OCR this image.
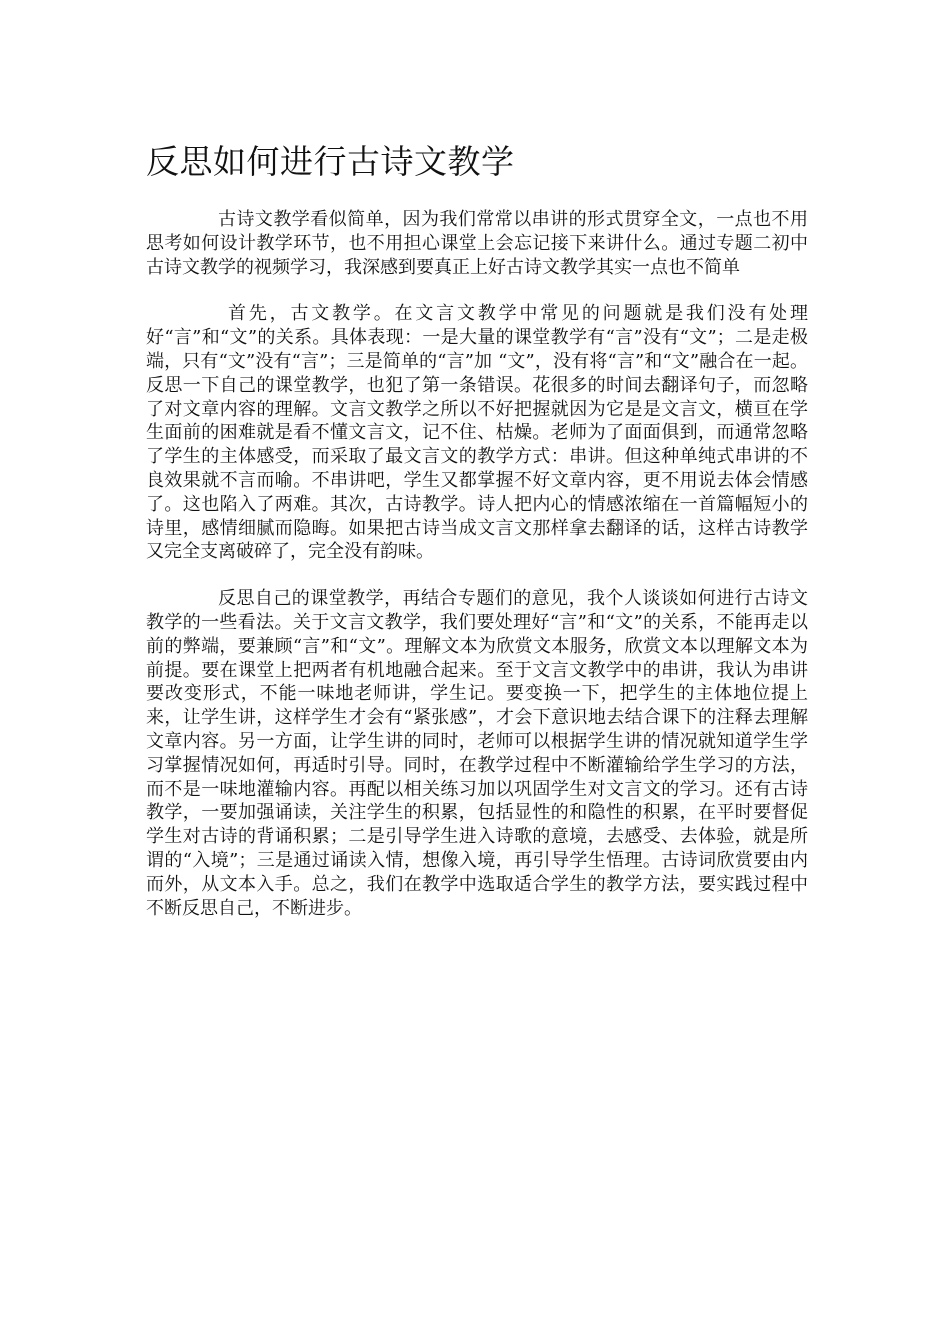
反思如何进行古诗文教学

古诗文教学看似简单，因为我们常常以串讲的形式贯穿全文，一点也不用思考如何设计教学环节，也不用担心课堂上会忘记接下来讲什么。通过专题二初中古诗文教学的视频学习，我深感到要真正上好古诗文教学其实一点也不简单

首先，古文教学。在文言文教学中常见的问题就是我们没有处理好“言”和“文”的关系。具体表现：一是大量的课堂教学有“言”没有“文”；二是走极端，只有“文”没有“言”；三是简单的“言”加 “文”，没有将“言”和“文”融合在一起。反思一下自己的课堂教学，也犯了第一条错误。花很多的时间去翻译句子，而忽略了对文章内容的理解。文言文教学之所以不好把握就因为它是是文言文，横亘在学生面前的困难就是看不懂文言文，记不住、枯燥。老师为了面面俱到，而通常忽略了学生的主体感受，而采取了最文言文的教学方式：串讲。但这种单纯式串讲的不良效果就不言而喻。不串讲吧，学生又都掌握不好文章内容，更不用说去体会情感了。这也陷入了两难。其次，古诗教学。诗人把内心的情感浓缩在一首篇幅短小的诗里，感情细腻而隐晦。如果把古诗当成文言文那样拿去翻译的话，这样古诗教学又完全支离破碎了，完全没有韵味。

反思自己的课堂教学，再结合专题们的意见，我个人谈谈如何进行古诗文教学的一些看法。关于文言文教学，我们要处理好“言”和“文”的关系，不能再走以前的弊端，要兼顾“言”和“文”。理解文本为欣赏文本服务，欣赏文本以理解文本为前提。要在课堂上把两者有机地融合起来。至于文言文教学中的串讲，我认为串讲要改变形式，不能一味地老师讲，学生记。要变换一下，把学生的主体地位提上来，让学生讲，这样学生才会有“紧张感”，才会下意识地去结合课下的注释去理解文章内容。另一方面，让学生讲的同时，老师可以根据学生讲的情况就知道学生学习掌握情况如何，再适时引导。同时，在教学过程中不断灌输给学生学习的方法，而不是一味地灌输内容。再配以相关练习加以巩固学生对文言文的学习。还有古诗教学，一要加强诵读，关注学生的积累，包括显性的和隐性的积累，在平时要督促学生对古诗的背诵积累；二是引导学生进入诗歌的意境，去感受、去体验，就是所谓的“入境”；三是通过诵读入情，想像入境，再引导学生悟理。古诗词欣赏要由内而外，从文本入手。总之，我们在教学中选取适合学生的教学方法，要实践过程中不断反思自己，不断进步。
